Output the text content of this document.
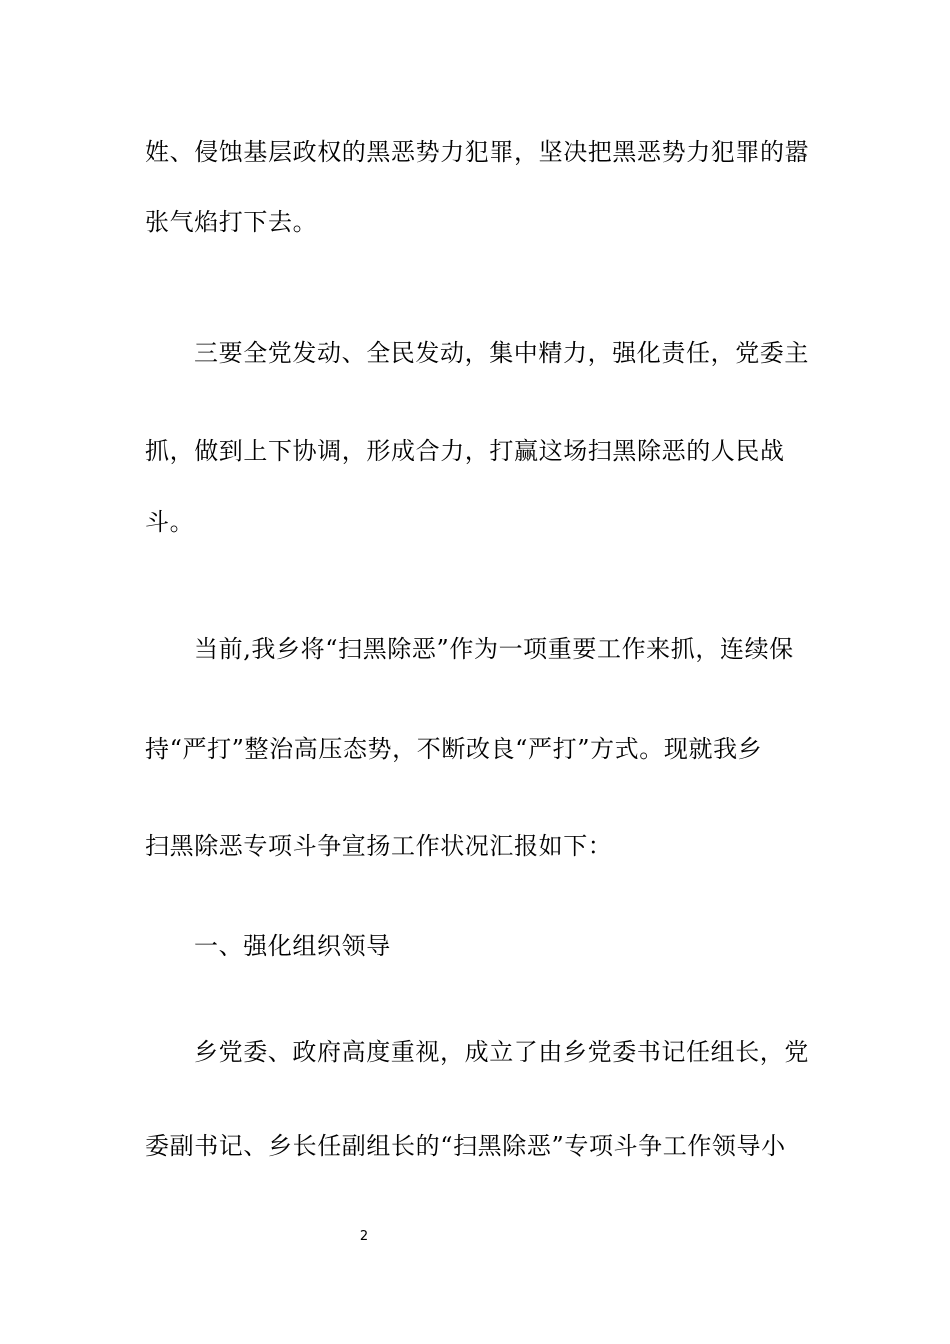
姓、侵蚀基层政权的黑恶势力犯罪，坚决把黑恶势力犯罪的嚣
张气焰打下去。
三要全党发动、全民发动，集中精力，强化责任，党委主
抓，做到上下协调，形成合力，打赢这场扫黑除恶的人民战
斗。
当前,我乡将“扫黑除恶”作为一项重要工作来抓，连续保
持“严打”整治高压态势，不断改良“严打”方式。现就我乡
扫黑除恶专项斗争宣扬工作状况汇报如下：
一、强化组织领导
乡党委、政府高度重视，成立了由乡党委书记任组长，党
委副书记、乡长任副组长的“扫黑除恶”专项斗争工作领导小
2
